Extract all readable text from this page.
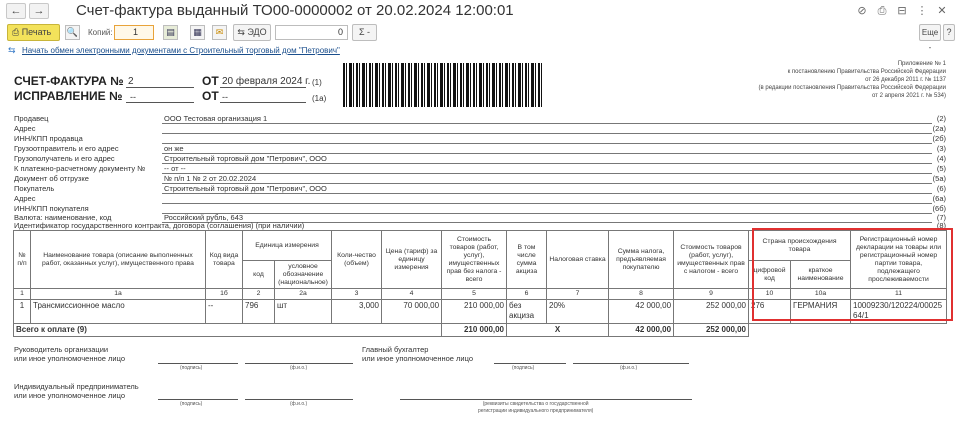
←	→	Счет-фактура выданный ТО00-0000002 от 20.02.2024 12:00:01	⊘ ⎙ ⊟ ⋮ ✕
⎙ Печать	🔍 Копий:	1	▤	▦	✉	⇆ ЭДО	0	Σ -	Еще -
?
⇆ Начать обмен электронными документами с Строительный торговый дом "Петрович"
СЧЕТ-ФАКТУРА № 2	ОТ 20 февраля 2024 г. (1)
ИСПРАВЛЕНИЕ № --	ОТ --	(1а)
Приложение № 1
к постановлению Правительства Российской Федерации
от 26 декабря 2011 г. № 1137
(в редакции постановления Правительства Российской Федерации
от 2 апреля 2021 г. № 534)
Продавец	ООО Тестовая организация 1	(2)
Адрес	(2а)
ИНН/КПП продавца	(2б)
Грузоотправитель и его адрес	он же	(3)
Грузополучатель и его адрес	Строительный торговый дом "Петрович", ООО	(4)
К платежно-расчетному документу № -- от --	(5)
Документ об отгрузке	№ п/п 1 № 2 от 20.02.2024	(5а)
Покупатель	Строительный торговый дом "Петрович", ООО	(6)
Адрес	(6а)
ИНН/КПП покупателя	(6б)
Валюта: наименование, код	Российский рубль, 643	(7)
Идентификатор государственного контракта, договора (соглашения) (при наличии)	(8)
№ п/п	Наименование товара (описание выполненных работ, оказанных услуг), имущественного права	Код вида товара	Единица измерения		Коли-чество (объем)	Цена (тариф) за единицу измерения	Стоимость товаров (работ, услуг), имущественных прав без налога - всего	В том числе сумма акциза	Налоговая ставка	Сумма налога, предъявляемая покупателю	Стоимость товаров (работ, услуг), имущественных прав с налогом - всего	Страна происхождения товара		Регистрационный номер декларации на товары или регистрационный номер партии товара, подлежащего прослеживаемости
			код	условное обозначение (национальное)								цифровой код	краткое наименование	
1	1а	1б	2	2а	3	4	5	6	7	8	9	10	10а	11
1	Трансмиссионное масло	--	796	шт	3,000	70 000,00	210 000,00	без акциза	20%	42 000,00	252 000,00	276	ГЕРМАНИЯ	10009230/120224/0002564/1
Всего к оплате (9)							210 000,00	Х		42 000,00	252 000,00			
Руководитель организации
или иное уполномоченное лицо
(подпись)	(ф.и.о.)
Главный бухгалтер
или иное уполномоченное лицо
(подпись)	(ф.и.о.)
Индивидуальный предприниматель
или иное уполномоченное лицо
(подпись)	(ф.и.о.)	(реквизиты свидетельства о государственной
регистрации индивидуального предпринимателя)
